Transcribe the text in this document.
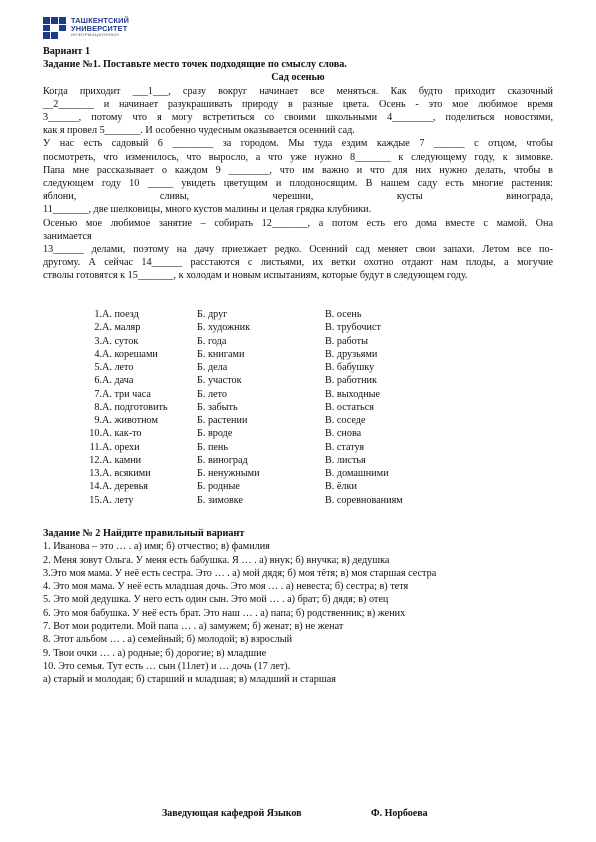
ТАШКЕНТСКИЙ
УНИВЕРСИТЕТ
ИНФОРМАЦИОННЫХ

Вариант 1

Задание №1. Поставьте место точек подходящие по смыслу слова.

Сад осенью

Когда приходит ___1___, сразу вокруг начинает все меняться. Как будто приходит сказочный

__2_______ и начинает разукрашивать природу в разные цвета. Осень - это мое любимое время

3______, потому что я могу встретиться со своими школьными 4________, поделиться новостями,

как я провел 5_______. И особенно чудесным оказывается осенний сад.

У нас есть садовый 6 ________ за городом. Мы туда ездим каждые 7 ______ с отцом, чтобы

посмотреть, что изменилось, что выросло, а что уже нужно 8_______ к следующему году, к зимовке.

Папа мне рассказывает о каждом 9 ________, что им важно и что для них нужно делать, чтобы в

следующем году 10 _____ увидеть цветущим и плодоносящим. В нашем саду есть многие растения:

яблони, сливы, черешни, кусты винограда,

11_______, две шелковицы, много кустов малины и целая грядка клубники.

Осенью мое любимое занятие – собирать 12_______, а потом есть его дома вместе с мамой. Она

занимается

13______ делами, поэтому на дачу приезжает редко. Осенний сад меняет свои запахи. Летом все по-

другому. А сейчас 14______ расстаются с листьями, их ветки охотно отдают нам плоды, а могучие

стволы готовятся к 15_______, к холодам и новым испытаниям, которые будут в следующем году.

1.	А. поезд	Б. друг	В. осень
2.	А. маляр	Б. художник	В. трубочист
3.	А. суток	Б. года	В. работы
4.	А. корешами	Б. книгами	В. друзьями
5.	А. лето	Б. дела	В. бабушку
6.	А. дача	Б. участок	В. работник
7.	А. три часа	Б. лето	В. выходные
8.	А. подготовить	Б. забыть	В. остаться
9.	А. животном	Б. растении	В. соседе
10.	А. как-то	Б. вроде	В. снова
11.	А. орехи	Б. пень	В. статуя
12.	А. камни	Б. виноград	В. листья
13.	А. всякими	Б. ненужными	В. домашними
14.	А. деревья	Б. родные	В. ёлки
15.	А. лету	Б. зимовке	В. соревнованиям

Задание № 2 Найдите правильный вариант

1. Иванова – это … . а) имя; б) отчество; в) фамилия

2. Меня зовут Ольга. У меня есть бабушка. Я … . а) внук; б) внучка; в) дедушка

3.Это моя мама. У неё есть сестра. Это … . а) мой дядя; б) моя тётя; в) моя старшая сестра

4. Это моя мама. У неё есть младшая дочь. Это моя … . а) невеста; б) сестра; в) тетя

5. Это мой дедушка. У него есть один сын. Это мой … . а) брат; б) дядя; в) отец

6. Это моя бабушка. У неё есть брат. Это наш … . а) папа; б) родственник; в) жених

7. Вот мои родители. Мой папа … . а) замужем; б) женат; в) не женат

8. Этот альбом … . а) семейный; б) молодой; в) взрослый

9. Твои очки … . а) родные; б) дорогие; в) младшие

10. Это семья. Тут есть … сын (11лет) и … дочь (17 лет).

а) старый и молодая; б) старший и младшая; в) младший и старшая

Заведующая кафедрой Языков	Ф. Норбоева
